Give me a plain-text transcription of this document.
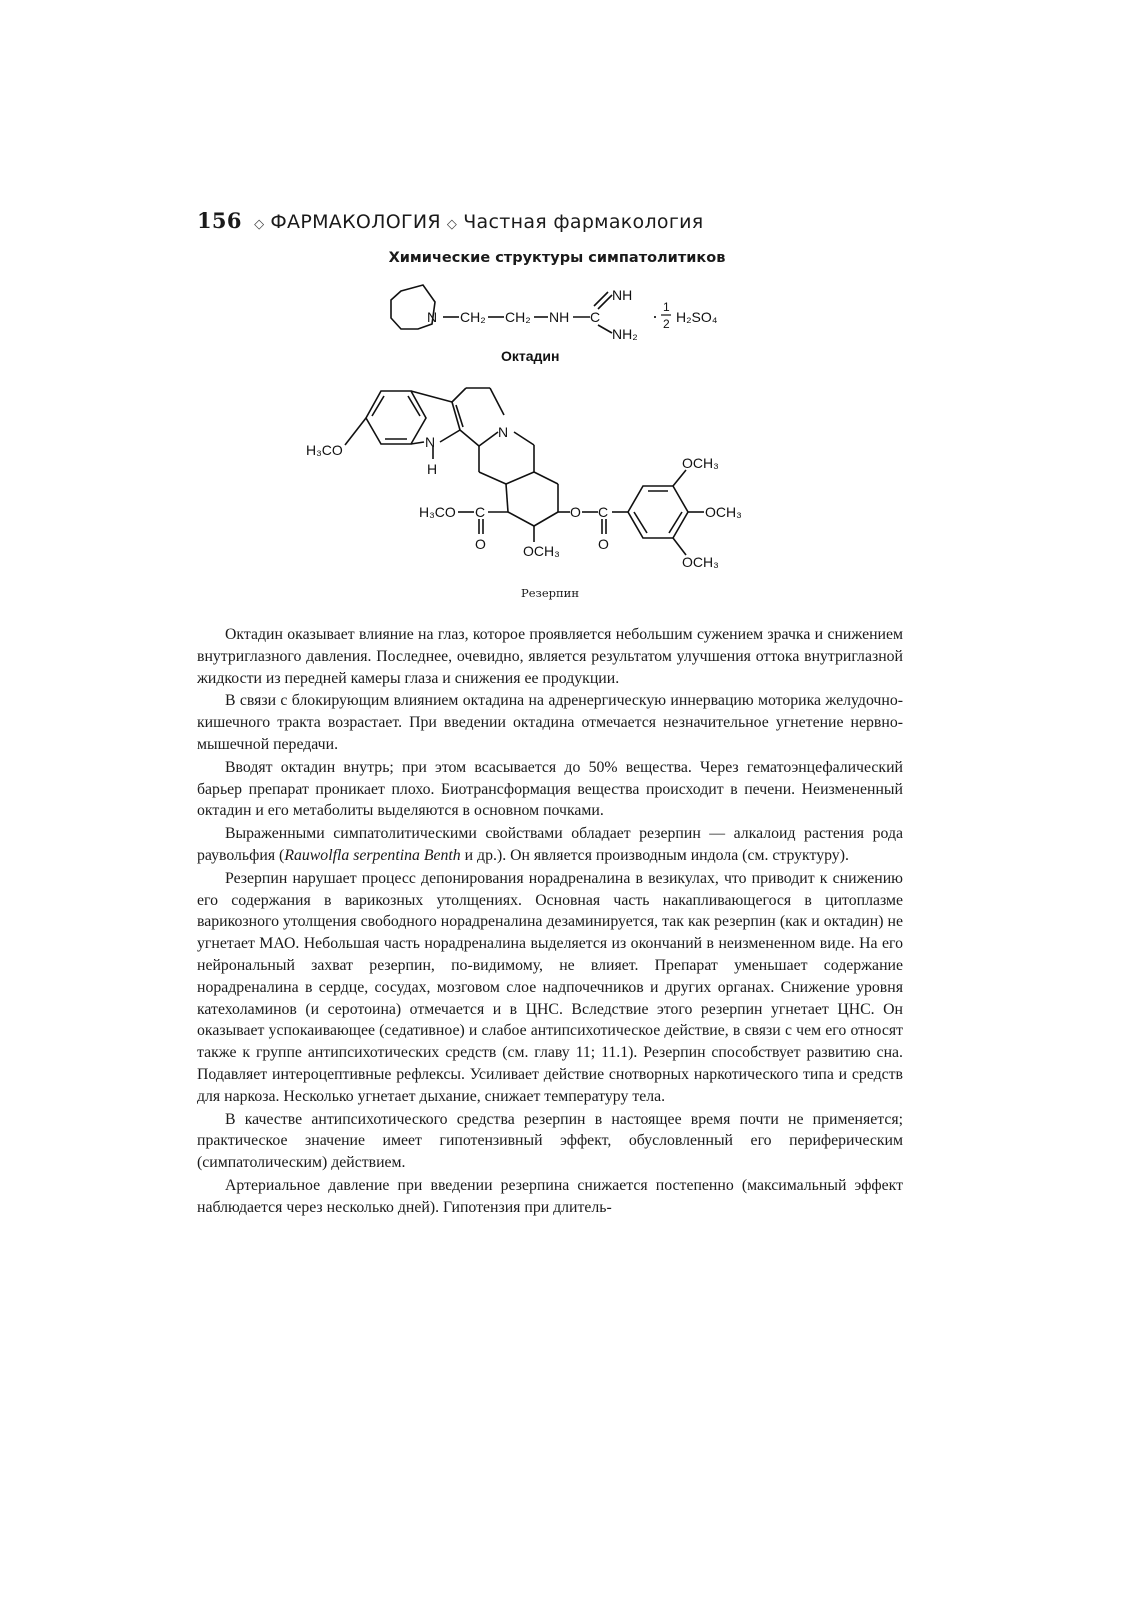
156 ◇ ФАРМАКОЛОГИЯ ◇ Частная фармакология
Химические структуры симпатолитиков
N CH₂ CH₂ NH C
NH
NH₂
· 1
2 H₂SO₄
Октадин
H₃CO	N
H
N
H₃CO C
O	OCH₃
O C
O
OCH₃
OCH₃
OCH₃
Резерпин

Октадин оказывает влияние на глаз, которое проявляется небольшим сужением зрачка и снижением внутриглазного давления. Последнее, очевидно, является результатом улучшения оттока внутриглазной жидкости из передней камеры глаза и снижения ее продукции.

В связи с блокирующим влиянием октадина на адренергическую иннервацию моторика желудочно-кишечного тракта возрастает. При введении октадина отмечается незначительное угнетение нервно-мышечной передачи.

Вводят октадин внутрь; при этом всасывается до 50% вещества. Через гематоэнцефалический барьер препарат проникает плохо. Биотрансформация вещества происходит в печени. Неизмененный октадин и его метаболиты выделяются в основном почками.

Выраженными симпатолитическими свойствами обладает резерпин — алкалоид растения рода раувольфия (Rauwolfla serpentina Benth и др.). Он является производным индола (см. структуру).

Резерпин нарушает процесс депонирования норадреналина в везикулах, что приводит к снижению его содержания в варикозных утолщениях. Основная часть накапливающегося в цитоплазме варикозного утолщения свободного норадреналина дезаминируется, так как резерпин (как и октадин) не угнетает МАО. Небольшая часть норадреналина выделяется из окончаний в неизмененном виде. На его нейрональный захват резерпин, по-видимому, не влияет. Препарат уменьшает содержание норадреналина в сердце, сосудах, мозговом слое надпочечников и других органах. Снижение уровня катехоламинов (и серотоина) отмечается и в ЦНС. Вследствие этого резерпин угнетает ЦНС. Он оказывает успокаивающее (седативное) и слабое антипсихотическое действие, в связи с чем его относят также к группе антипсихотических средств (см. главу 11; 11.1). Резерпин способствует развитию сна. Подавляет интероцептивные рефлексы. Усиливает действие снотворных наркотического типа и средств для наркоза. Несколько угнетает дыхание, снижает температуру тела.

В качестве антипсихотического средства резерпин в настоящее время почти не применяется; практическое значение имеет гипотензивный эффект, обусловленный его периферическим (симпатолическим) действием.

Артериальное давление при введении резерпина снижается постепенно (максимальный эффект наблюдается через несколько дней). Гипотензия при длитель-
